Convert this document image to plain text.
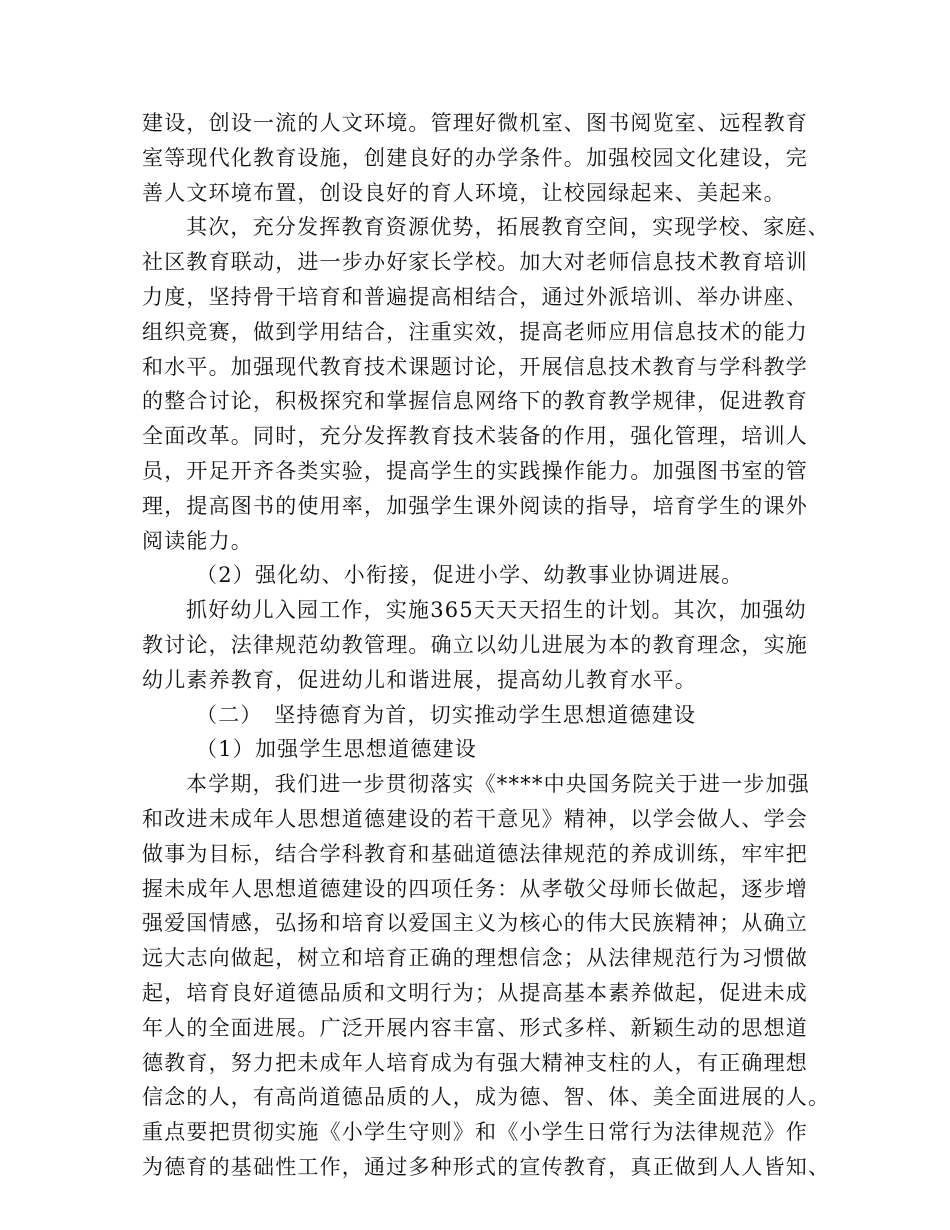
建设，创设一流的人文环境。管理好微机室、图书阅览室、远程教育
室等现代化教育设施，创建良好的办学条件。加强校园文化建设，完
善人文环境布置，创设良好的育人环境，让校园绿起来、美起来。
其次，充分发挥教育资源优势，拓展教育空间，实现学校、家庭、
社区教育联动，进一步办好家长学校。加大对老师信息技术教育培训
力度，坚持骨干培育和普遍提高相结合，通过外派培训、举办讲座、
组织竞赛，做到学用结合，注重实效，提高老师应用信息技术的能力
和水平。加强现代教育技术课题讨论，开展信息技术教育与学科教学
的整合讨论，积极探究和掌握信息网络下的教育教学规律，促进教育
全面改革。同时，充分发挥教育技术装备的作用，强化管理，培训人
员，开足开齐各类实验，提高学生的实践操作能力。加强图书室的管
理，提高图书的使用率，加强学生课外阅读的指导，培育学生的课外
阅读能力。
（2）强化幼、小衔接，促进小学、幼教事业协调进展。
抓好幼儿入园工作，实施365天天天招生的计划。其次，加强幼
教讨论，法律规范幼教管理。确立以幼儿进展为本的教育理念，实施
幼儿素养教育，促进幼儿和谐进展，提高幼儿教育水平。
（二）　坚持德育为首，切实推动学生思想道德建设
（1）加强学生思想道德建设
本学期，我们进一步贯彻落实《****中央国务院关于进一步加强
和改进未成年人思想道德建设的若干意见》精神，以学会做人、学会
做事为目标，结合学科教育和基础道德法律规范的养成训练，牢牢把
握未成年人思想道德建设的四项任务：从孝敬父母师长做起，逐步增
强爱国情感，弘扬和培育以爱国主义为核心的伟大民族精神；从确立
远大志向做起，树立和培育正确的理想信念；从法律规范行为习惯做
起，培育良好道德品质和文明行为；从提高基本素养做起，促进未成
年人的全面进展。广泛开展内容丰富、形式多样、新颖生动的思想道
德教育，努力把未成年人培育成为有强大精神支柱的人，有正确理想
信念的人，有高尚道德品质的人，成为德、智、体、美全面进展的人。
重点要把贯彻实施《小学生守则》和《小学生日常行为法律规范》作
为德育的基础性工作，通过多种形式的宣传教育，真正做到人人皆知、
